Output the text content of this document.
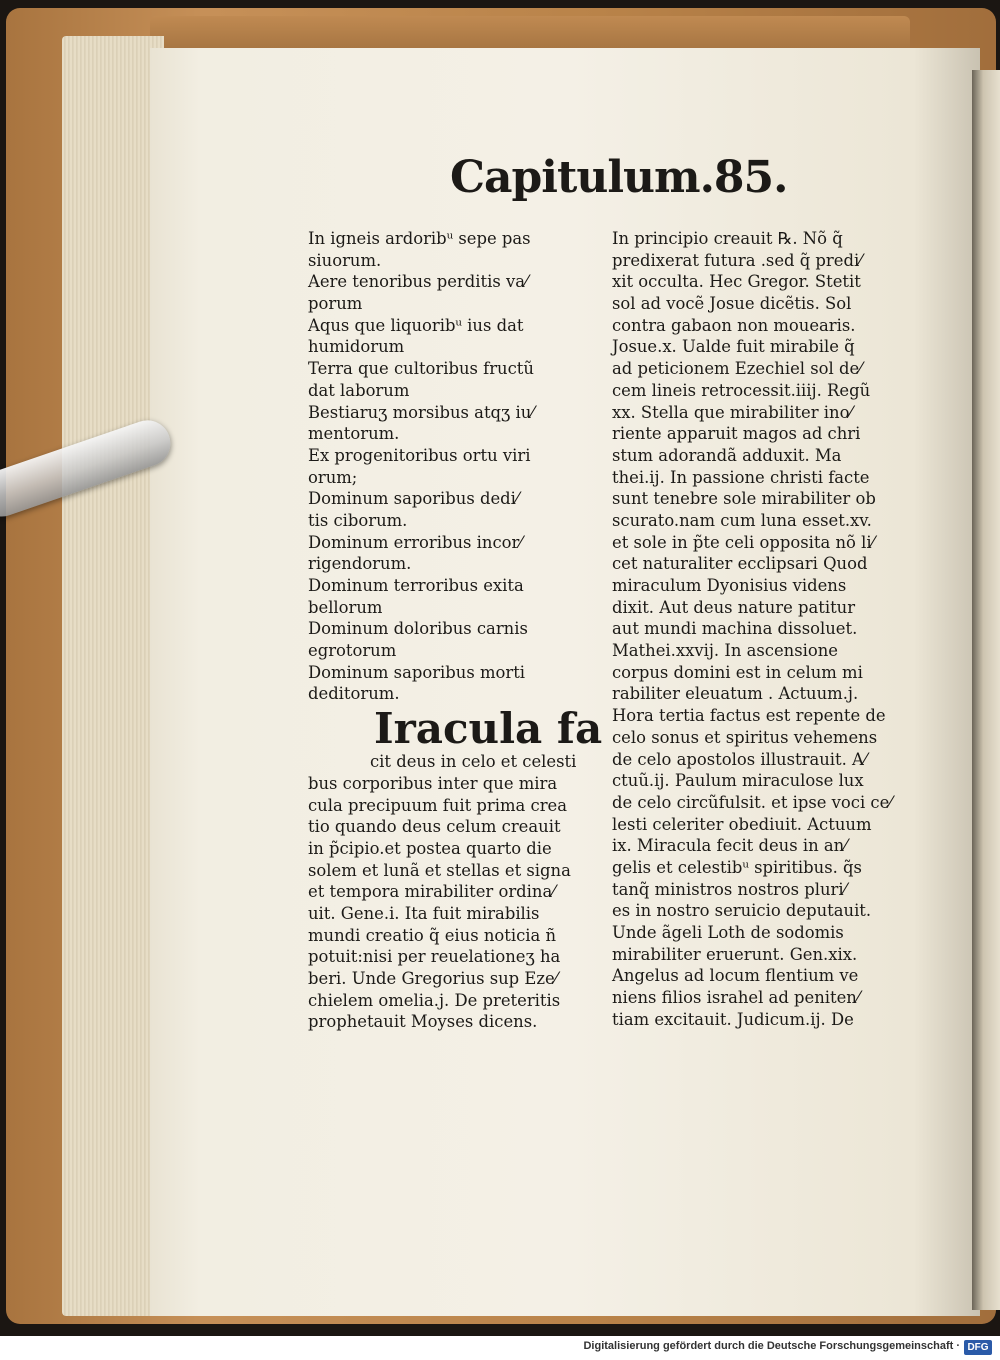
Capitulum.85.
In igneis ardoribᵘ sepe pas
siuorum.
Aere tenoribus perditis va⁄
porum
Aqus que liquoribᵘ ius dat
humidorum
Terra que cultoribus fructũ
dat laborum
Bestiaruʒ morsibus atqʒ iu⁄
mentorum.
Ex progenitoribus ortu viri
orum;
Dominum saporibus dedi⁄
tis ciborum.
Dominum erroribus incor⁄
rigendorum.
Dominum terroribus exita
bellorum
Dominum doloribus carnis
egrotorum
Dominum saporibus morti
deditorum.
Iracula fa
cit deus in celo et celesti
bus corporibus inter que mira
cula precipuum fuit prima crea
tio quando deus celum creauit
in p̃cipio.et postea quarto die
solem et lunã et stellas et signa
et tempora mirabiliter ordina⁄
uit. Gene.i. Ita fuit mirabilis
mundi creatio q̃ eius noticia ñ
potuit:nisi per reuelationeʒ ha
beri. Unde Gregorius sup Eze⁄
chielem omelia.j. De preteritis
prophetauit Moyses dicens.
In principio creauit ℞. Nõ q̃
predixerat futura .sed q̃ predi⁄
xit occulta. Hec Gregor. Stetit
sol ad vocẽ Josue dicẽtis. Sol
contra gabaon non mouearis.
Josue.x. Ualde fuit mirabile q̃
ad peticionem Ezechiel sol de⁄
cem lineis retrocessit.iiij. Regũ
xx. Stella que mirabiliter ino⁄
riente apparuit magos ad chri
stum adorandã adduxit. Ma
thei.ij. In passione christi facte
sunt tenebre sole mirabiliter ob
scurato.nam cum luna esset.xv.
et sole in p̃te celi opposita nõ li⁄
cet naturaliter ecclipsari Quod
miraculum Dyonisius videns
dixit. Aut deus nature patitur
aut mundi machina dissoluet.
Mathei.xxvij. In ascensione
corpus domini est in celum mi
rabiliter eleuatum . Actuum.j.
Hora tertia factus est repente de
celo sonus et spiritus vehemens
de celo apostolos illustrauit. A⁄
ctuũ.ij. Paulum miraculose lux
de celo circũfulsit. et ipse voci ce⁄
lesti celeriter obediuit. Actuum
ix. Miracula fecit deus in an⁄
gelis et celestibᵘ spiritibus. q̃s
tanq̃ ministros nostros pluri⁄
es in nostro seruicio deputauit.
Unde ãgeli Loth de sodomis
mirabiliter eruerunt. Gen.xix.
Angelus ad locum flentium ve
niens filios israhel ad peniten⁄
tiam excitauit. Judicum.ij. De
Digitalisierung gefördert durch die Deutsche Forschungsgemeinschaft · DFG
